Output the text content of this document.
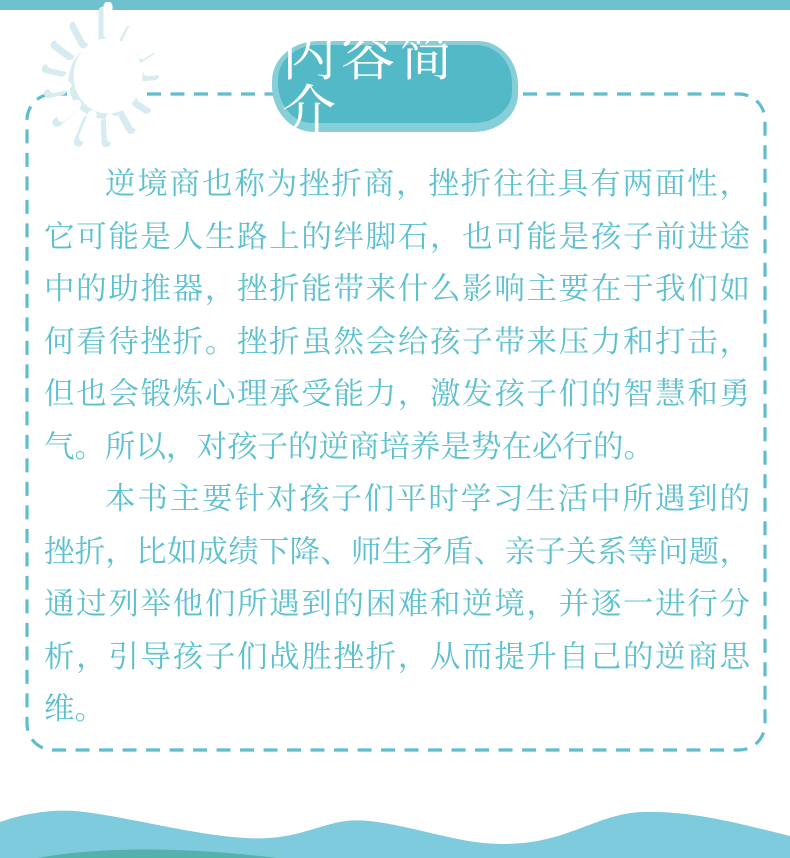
内容简介
逆境商也称为挫折商，挫折往往具有两面性，
它可能是人生路上的绊脚石，也可能是孩子前进途
中的助推器，挫折能带来什么影响主要在于我们如
何看待挫折。挫折虽然会给孩子带来压力和打击，
但也会锻炼心理承受能力，激发孩子们的智慧和勇
气。所以，对孩子的逆商培养是势在必行的。
本书主要针对孩子们平时学习生活中所遇到的
挫折，比如成绩下降、师生矛盾、亲子关系等问题，
通过列举他们所遇到的困难和逆境，并逐一进行分
析，引导孩子们战胜挫折，从而提升自己的逆商思
维。
